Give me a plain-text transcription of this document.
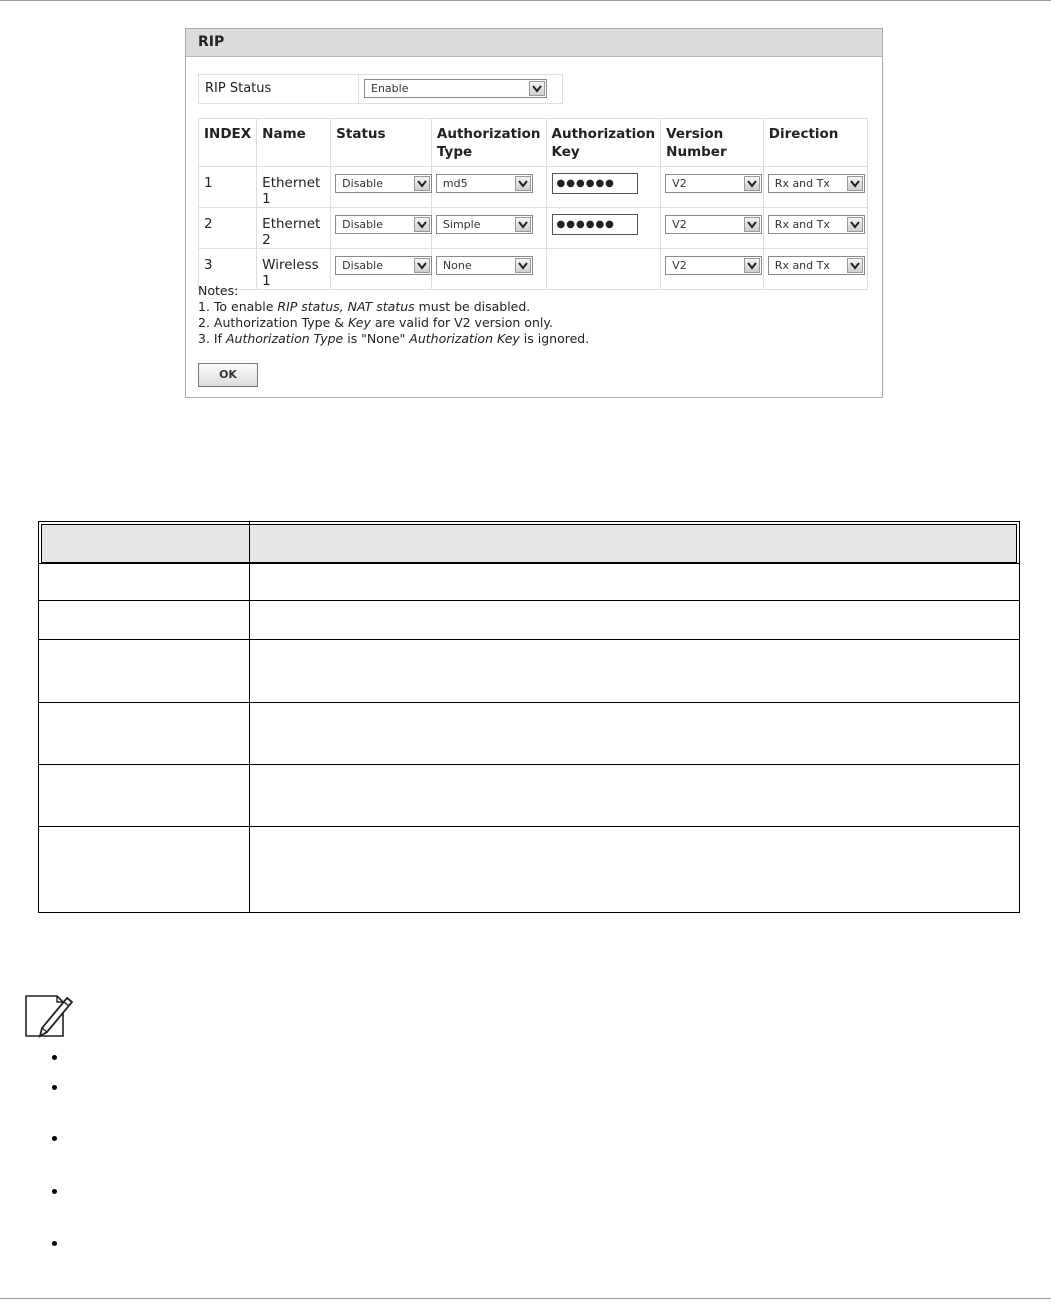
RIP
RIP Status	Enable
INDEX	Name	Status	Authorization Type	Authorization Key	Version Number	Direction
1	Ethernet 1	Disable	md5	●●●●●●	V2	Rx and Tx

2	Ethernet 2	Disable	Simple	●●●●●●	V2	Rx and Tx

3	Wireless 1	Disable	None		V2	Rx and Tx
Notes:
1. To enable RIP status, NAT status must be disabled.
2. Authorization Type & Key are valid for V2 version only.
3. If Authorization Type is "None" Authorization Key is ignored.
OK
